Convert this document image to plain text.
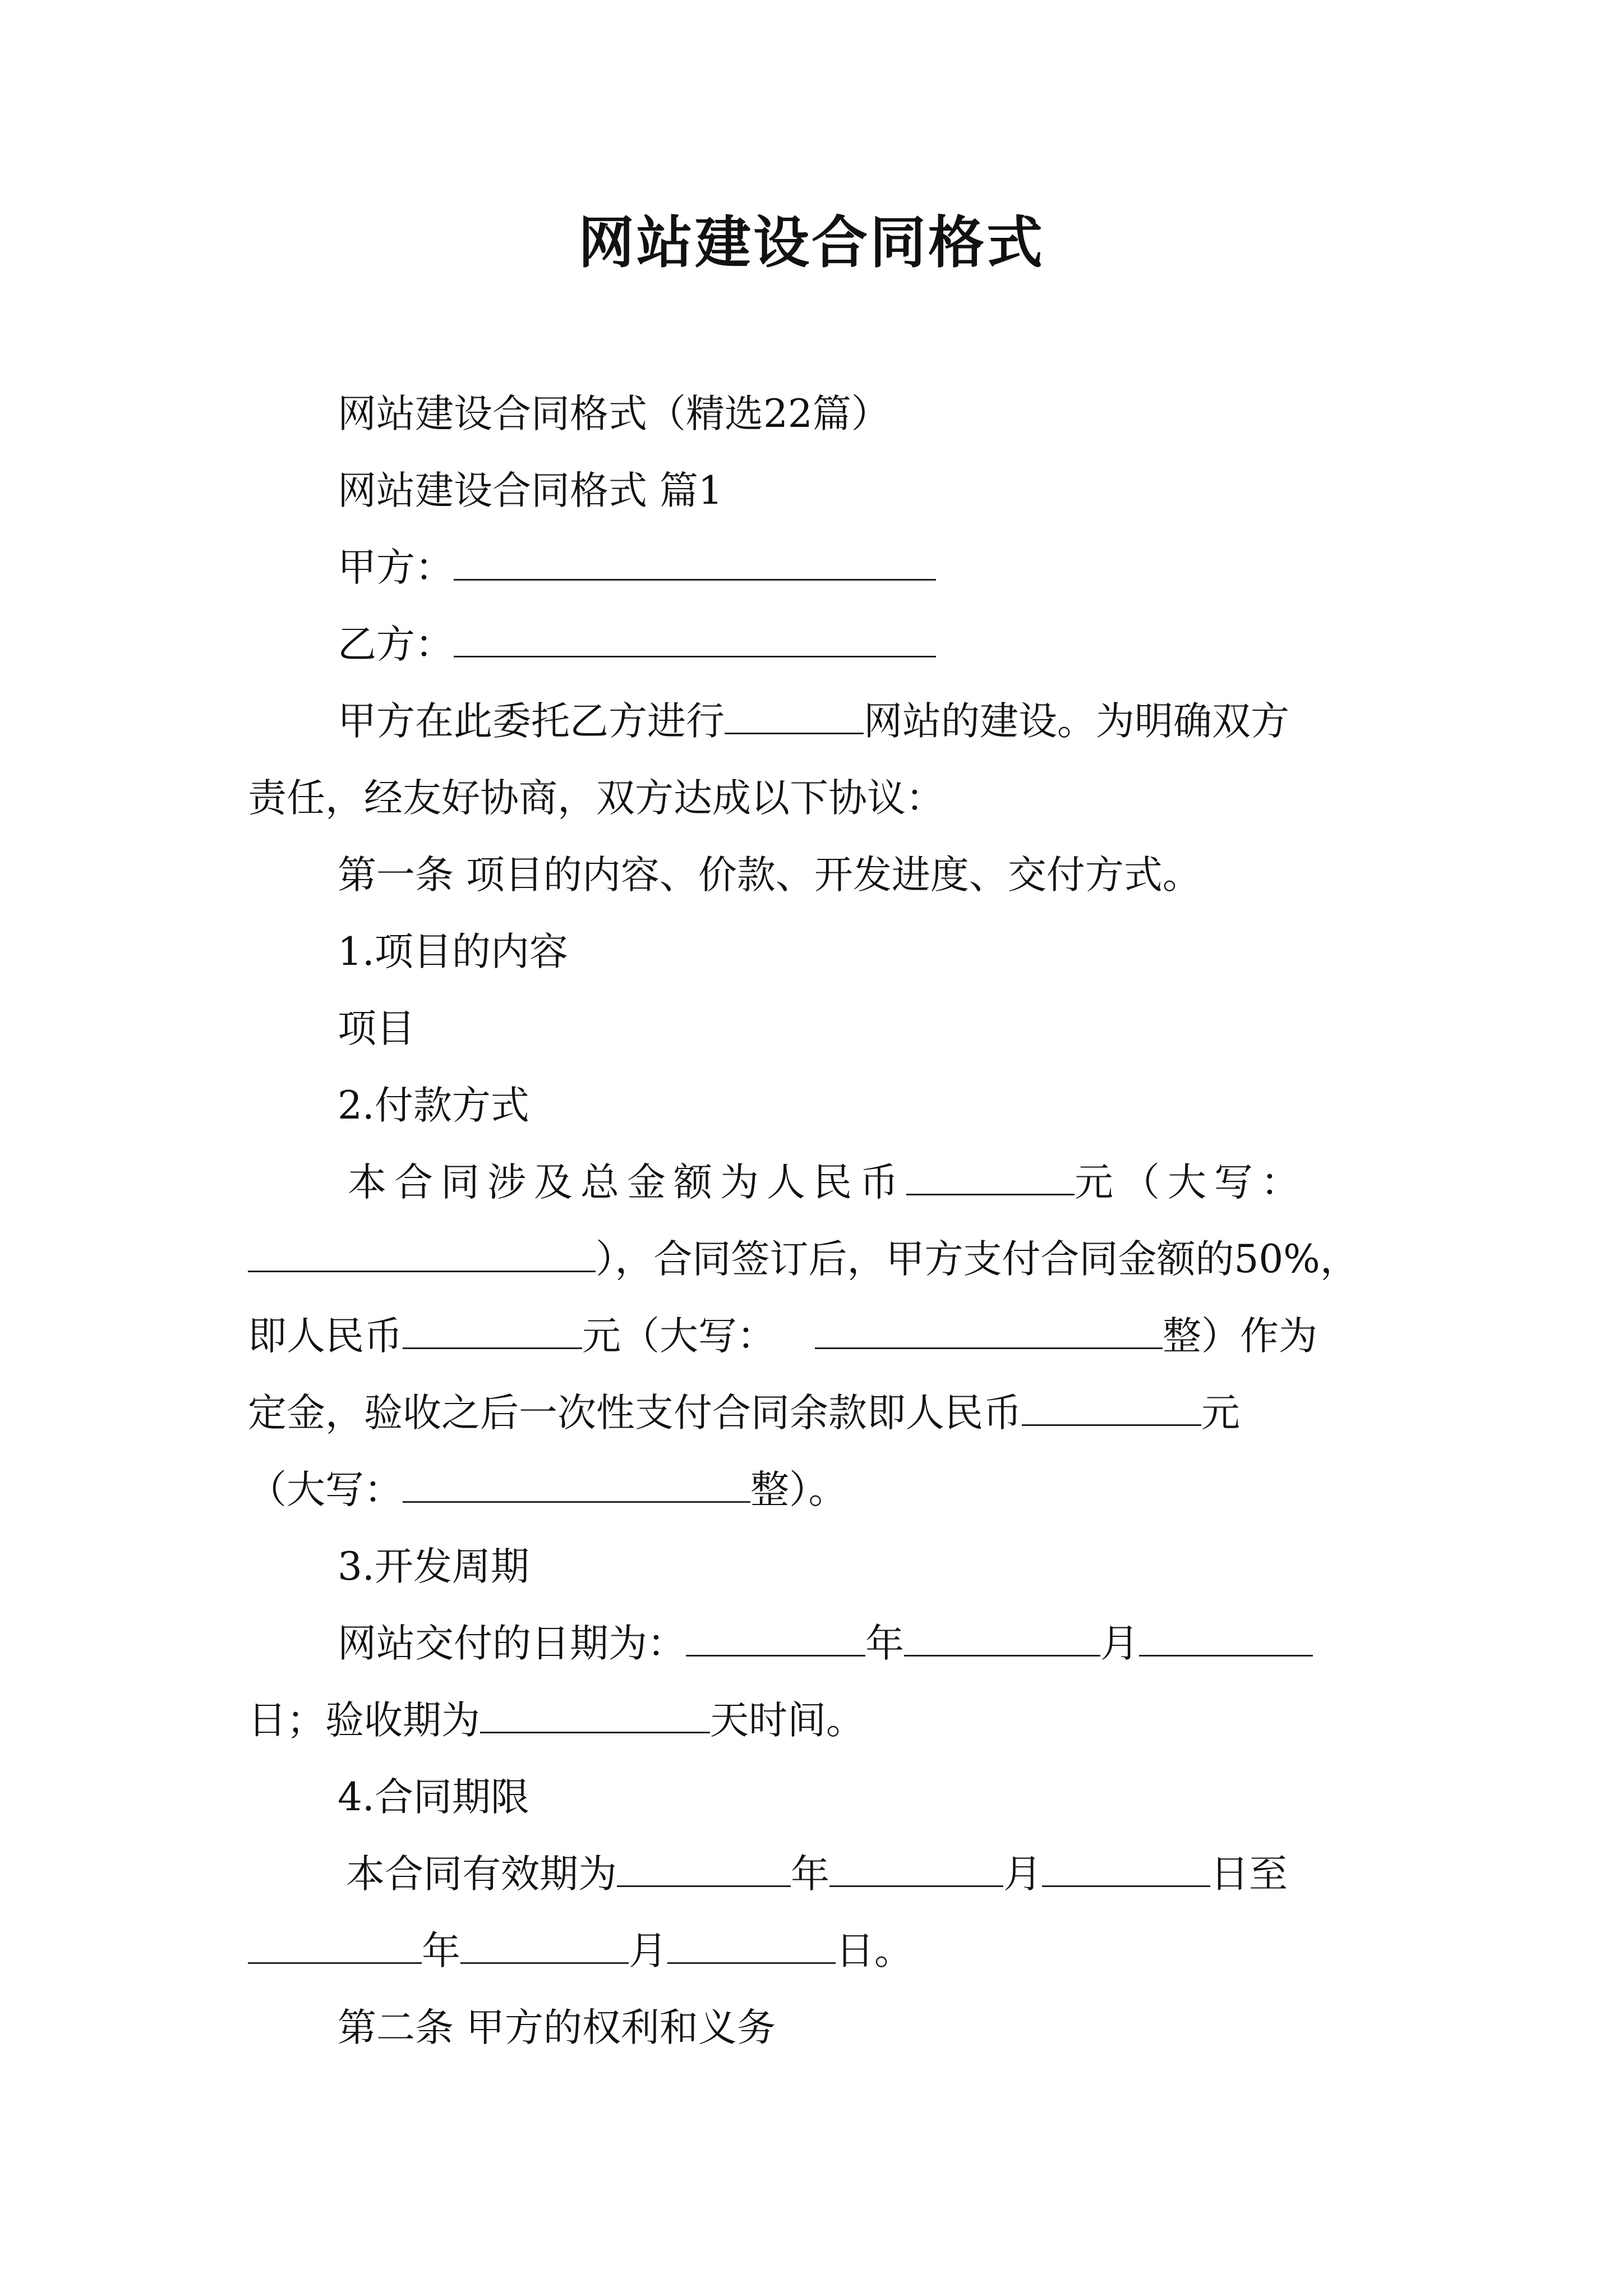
网站建设合同格式
网站建设合同格式（精选22篇）
网站建设合同格式 篇1
甲方：
乙方：
甲方在此委托乙方进行	网站的建设。为明确双方
责任，经友好协商，双方达成以下协议：
第一条 项目的内容、价款、开发进度、交付方式。
1.项目的内容
项目
2.付款方式
本合同涉及总金额为人民币	元（大写：
），合同签订后，甲方支付合同金额的50%，
即人民币	元（大写：	整）作为
定金，验收之后一次性支付合同余款即人民币	元
（大写：	整）。
3.开发周期
网站交付的日期为：	年	月
日；验收期为	天时间。
4.合同期限
本合同有效期为	年	月	日至
年	月	日。
第二条 甲方的权利和义务
